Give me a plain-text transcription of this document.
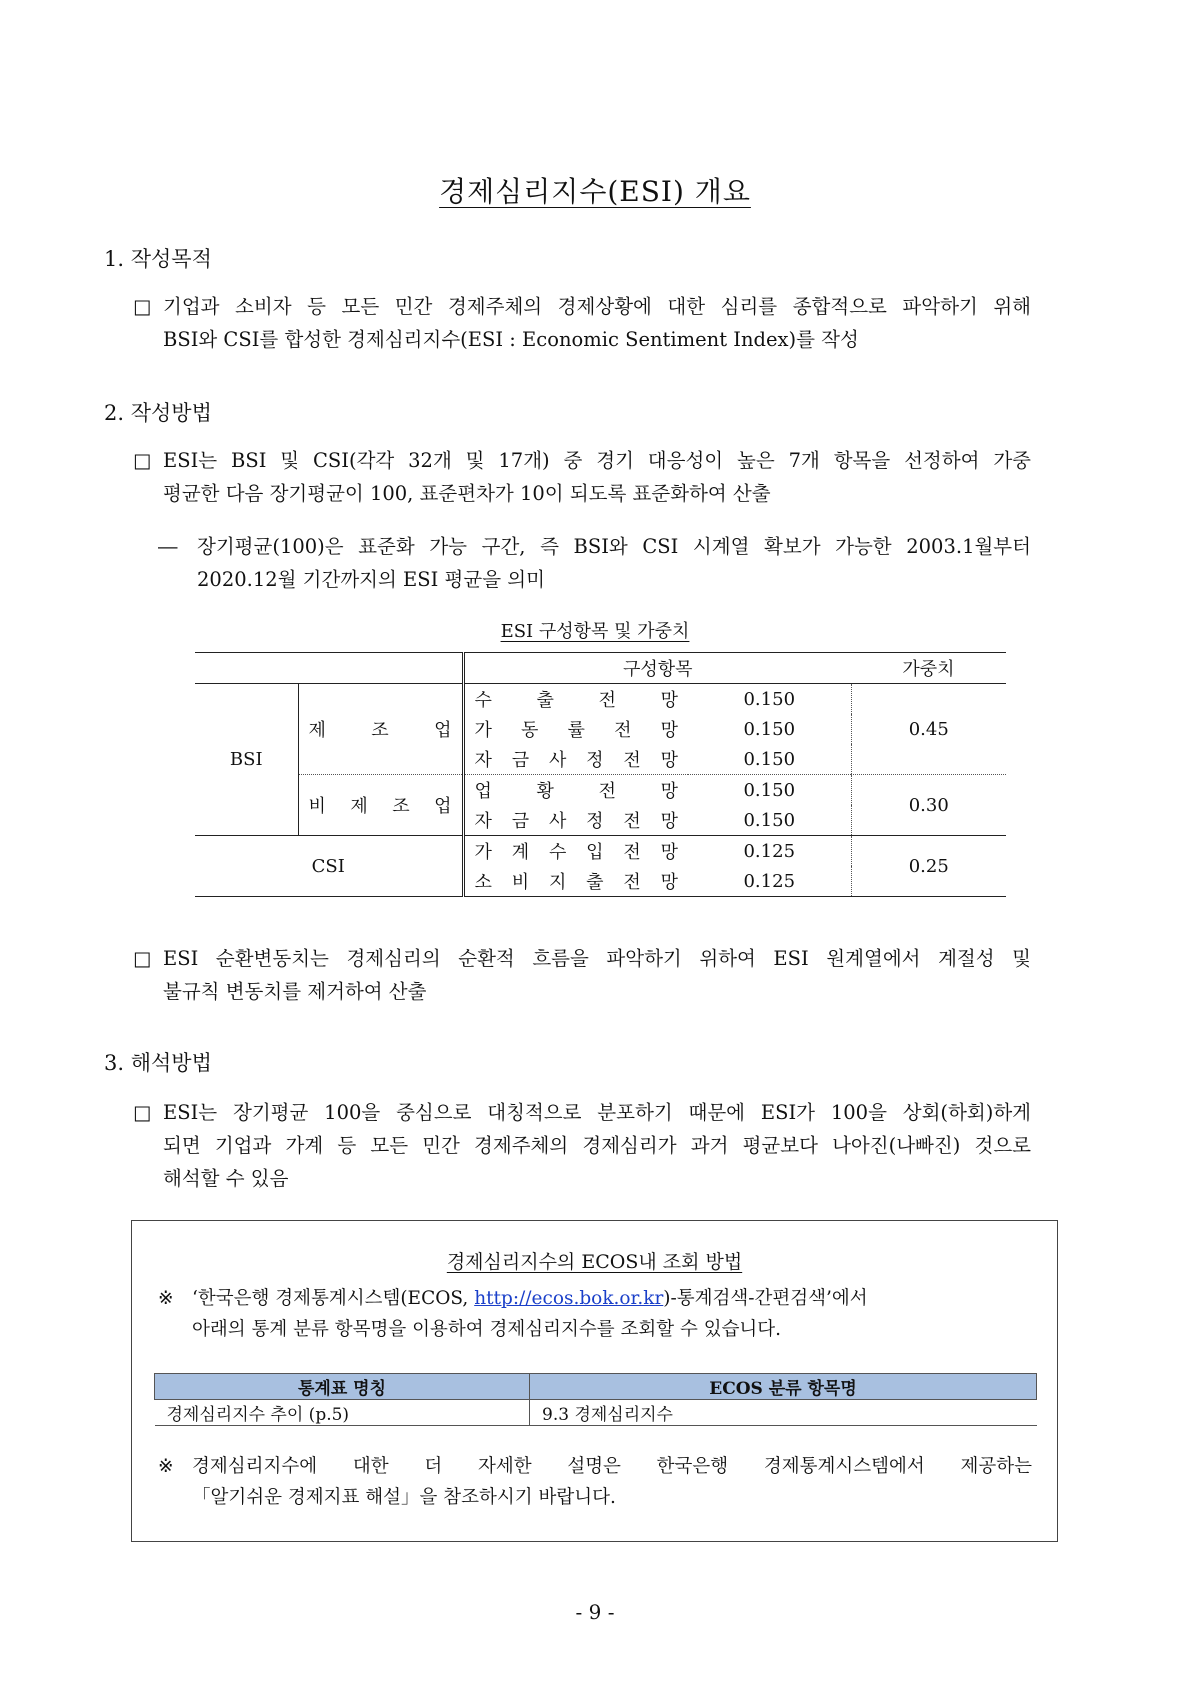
경제심리지수(ESI) 개요
1. 작성목적
□ 기업과 소비자 등 모든 민간 경제주체의 경제상황에 대한 심리를 종합적으로 파악하기 위해
BSI와 CSI를 합성한 경제심리지수(ESI : Economic Sentiment Index)를 작성
2. 작성방법
□ ESI는 BSI 및 CSI(각각 32개 및 17개) 중 경기 대응성이 높은 7개 항목을 선정하여 가중
평균한 다음 장기평균이 100, 표준편차가 10이 되도록 표준화하여 산출
― 장기평균(100)은 표준화 가능 구간, 즉 BSI와 CSI 시계열 확보가 가능한 2003.1월부터
2020.12월 기간까지의 ESI 평균을 의미
ESI 구성항목 및 가중치
		구성항목		가중치
BSI	제 조 업	수 출 전 망	0.150	0.45
		가 동 률 전 망	0.150	
		자 금 사 정 전 망	0.150	
	비 제 조 업	업 황 전 망	0.150	0.30
		자 금 사 정 전 망	0.150	
CSI		가 계 수 입 전 망	0.125	0.25
		소 비 지 출 전 망	0.125	
□ ESI 순환변동치는 경제심리의 순환적 흐름을 파악하기 위하여 ESI 원계열에서 계절성 및
불규칙 변동치를 제거하여 산출
3. 해석방법
□ ESI는 장기평균 100을 중심으로 대칭적으로 분포하기 때문에 ESI가 100을 상회(하회)하게
되면 기업과 가계 등 모든 민간 경제주체의 경제심리가 과거 평균보다 나아진(나빠진) 것으로
해석할 수 있음
경제심리지수의 ECOS내 조회 방법
※ ‘한국은행 경제통계시스템(ECOS, http://ecos.bok.or.kr)-통계검색-간편검색’에서
아래의 통계 분류 항목명을 이용하여 경제심리지수를 조회할 수 있습니다.
통계표 명칭	ECOS 분류 항목명
경제심리지수 추이 (p.5)	9.3 경제심리지수
※ 경제심리지수에 대한 더 자세한 설명은 한국은행 경제통계시스템에서 제공하는
「알기쉬운 경제지표 해설」을 참조하시기 바랍니다.
- 9 -
